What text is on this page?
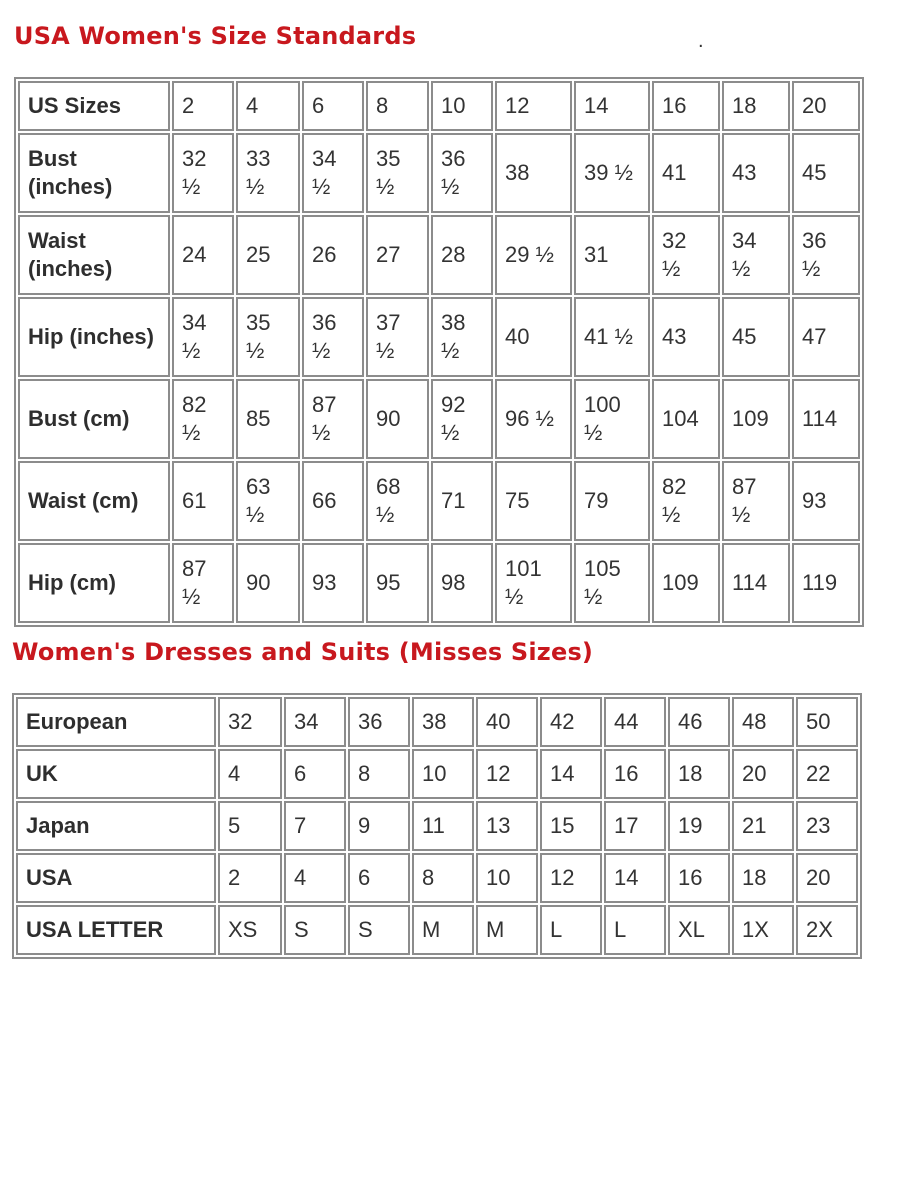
USA Women's Size Standards	.
US Sizes	2	4	6	8	10	12	14	16	18	20
Bust (inches)	32 ½	33 ½	34 ½	35 ½	36 ½	38	39 ½	41	43	45
Waist (inches)	24	25	26	27	28	29 ½	31	32 ½	34 ½	36 ½
Hip (inches)	34 ½	35 ½	36 ½	37 ½	38 ½	40	41 ½	43	45	47
Bust (cm)	82 ½	85	87 ½	90	92 ½	96 ½	100 ½	104	109	114
Waist (cm)	61	63 ½	66	68 ½	71	75	79	82 ½	87 ½	93
Hip (cm)	87 ½	90	93	95	98	101 ½	105 ½	109	114	119
Women's Dresses and Suits (Misses Sizes)
European	32	34	36	38	40	42	44	46	48	50
UK	4	6	8	10	12	14	16	18	20	22
Japan	5	7	9	11	13	15	17	19	21	23
USA	2	4	6	8	10	12	14	16	18	20
USA LETTER	XS	S	S	M	M	L	L	XL	1X	2X
